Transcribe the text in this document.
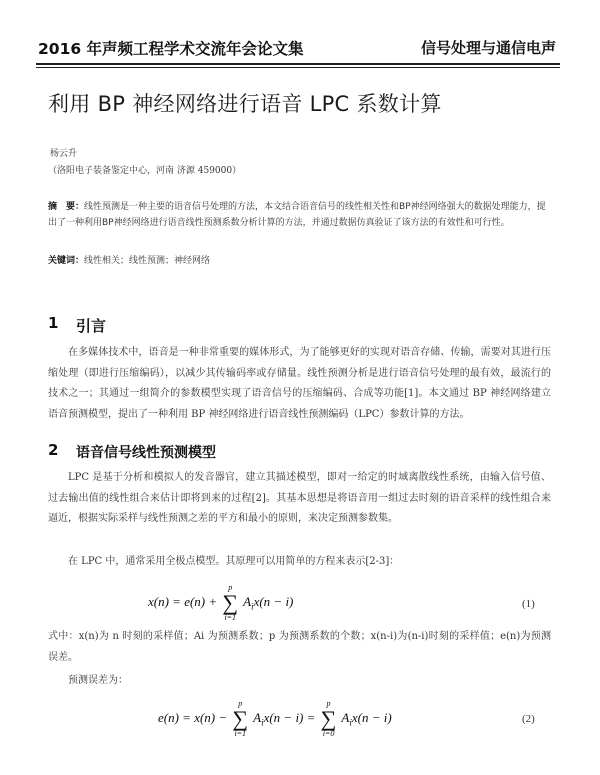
2016 年声频工程学术交流年会论文集	信号处理与通信电声
利用 BP 神经网络进行语音 LPC 系数计算
杨云升
（洛阳电子装备鉴定中心，河南 济源 459000）
摘　要：线性预测是一种主要的语音信号处理的方法，本文结合语音信号的线性相关性和BP神经网络强大的数据处理能力，提出了一种利用BP神经网络进行语音线性预测系数分析计算的方法，并通过数据仿真验证了该方法的有效性和可行性。
关键词：线性相关；线性预测；神经网络
1 引言
在多媒体技术中，语音是一种非常重要的媒体形式，为了能够更好的实现对语音存储、传输，需要对其进行压缩处理（即进行压缩编码），以减少其传输码率或存储量。线性预测分析是进行语音信号处理的最有效，最流行的技术之一；其通过一组简介的参数模型实现了语音信号的压缩编码、合成等功能[1]。本文通过 BP 神经网络建立语音预测模型，提出了一种利用 BP 神经网络进行语音线性预测编码（LPC）参数计算的方法。
2 语音信号线性预测模型
LPC 是基于分析和模拟人的发音器官，建立其描述模型，即对一给定的时域离散线性系统，由输入信号值、过去输出值的线性组合来估计即将到来的过程[2]。其基本思想是将语音用一组过去时刻的语音采样的线性组合来逼近，根据实际采样与线性预测之差的平方和最小的原则，来决定预测参数集。
在 LPC 中，通常采用全极点模型。其原理可以用简单的方程来表示[2-3]：
x(n) = e(n) +
p
∑
i=1
$A_ix(n - i)$	(1)
式中：x(n)为 n 时刻的采样值；Ai 为预测系数；p 为预测系数的个数；x(n-i)为(n-i)时刻的采样值；e(n)为预测误差。
预测误差为：
e(n) = x(n) −
p
∑
i=1
$A_ix(n - i)$ =
p
∑
i=0
$A_ix(n - i)$	(2)
